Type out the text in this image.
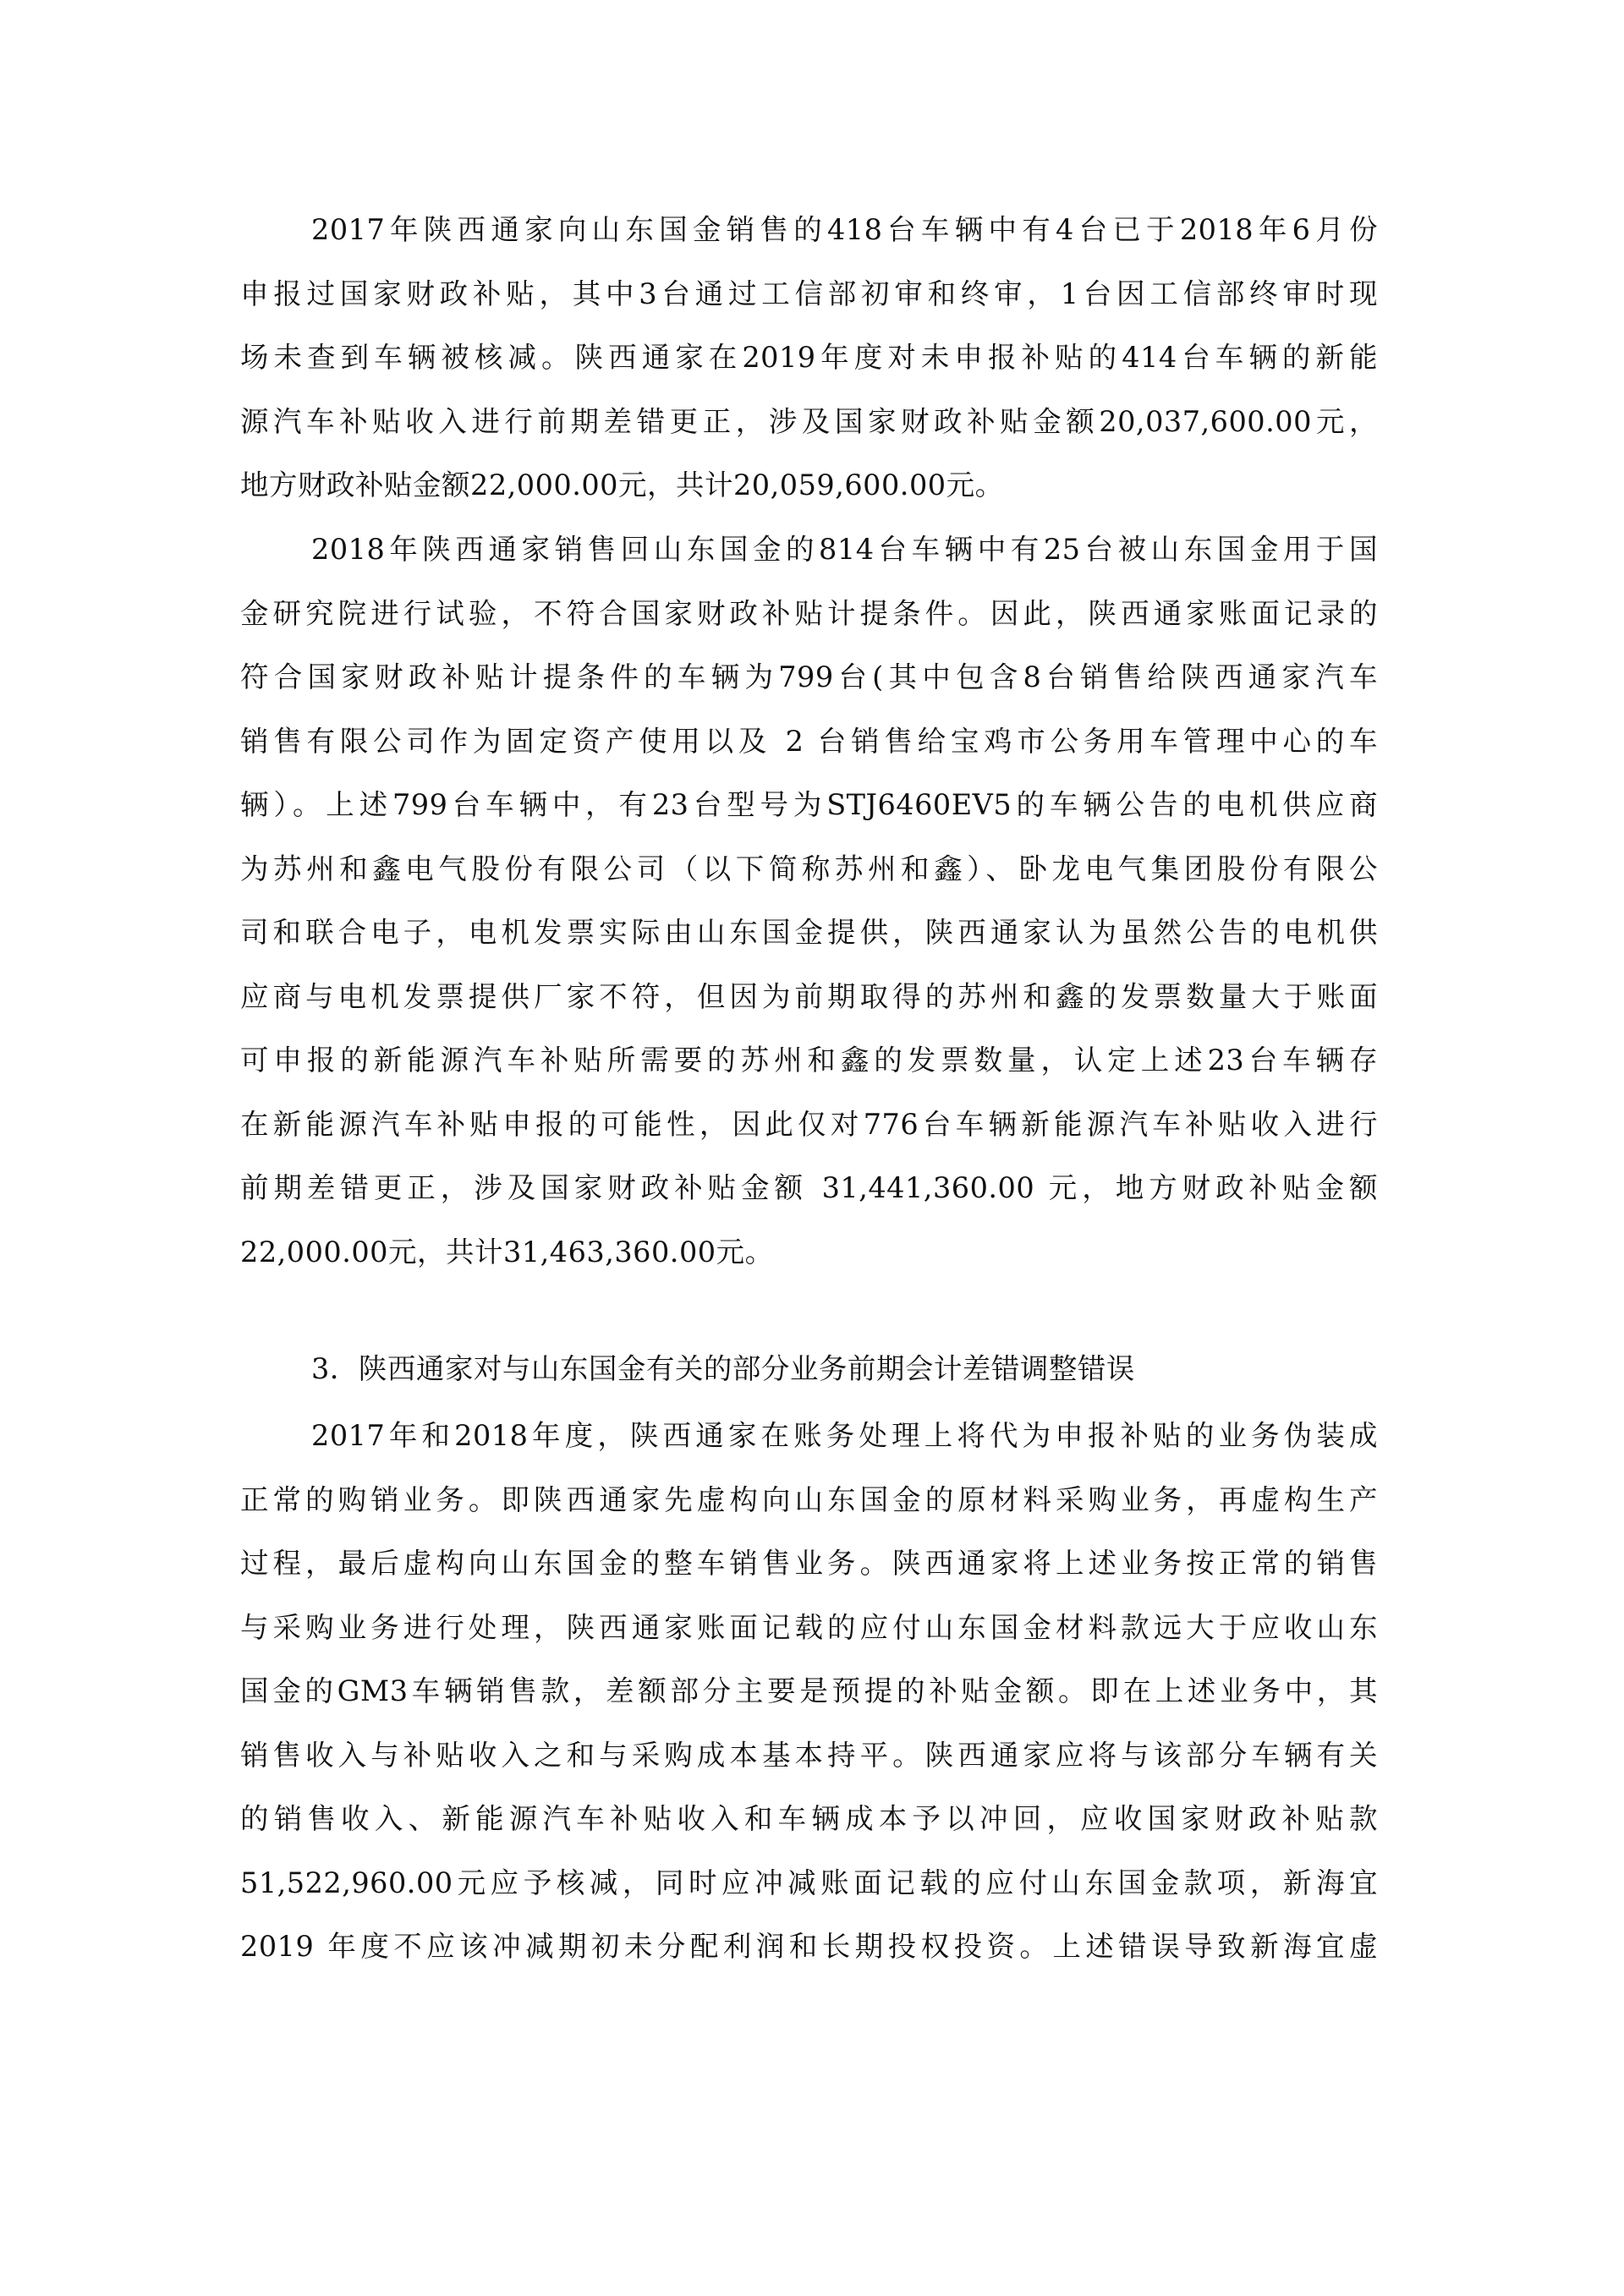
2017年陕西通家向山东国金销售的418台车辆中有4台已于2018年6月份
申报过国家财政补贴，其中3台通过工信部初审和终审，1台因工信部终审时现
场未查到车辆被核减。陕西通家在2019年度对未申报补贴的414台车辆的新能
源汽车补贴收入进行前期差错更正，涉及国家财政补贴金额20,037,600.00元，
地方财政补贴金额22,000.00元，共计20,059,600.00元。
2018年陕西通家销售回山东国金的814台车辆中有25台被山东国金用于国
金研究院进行试验，不符合国家财政补贴计提条件。因此，陕西通家账面记录的
符合国家财政补贴计提条件的车辆为799台(其中包含8台销售给陕西通家汽车
销售有限公司作为固定资产使用以及 2 台销售给宝鸡市公务用车管理中心的车
辆）。上述799台车辆中，有23台型号为STJ6460EV5的车辆公告的电机供应商
为苏州和鑫电气股份有限公司（以下简称苏州和鑫）、卧龙电气集团股份有限公
司和联合电子，电机发票实际由山东国金提供，陕西通家认为虽然公告的电机供
应商与电机发票提供厂家不符，但因为前期取得的苏州和鑫的发票数量大于账面
可申报的新能源汽车补贴所需要的苏州和鑫的发票数量，认定上述23台车辆存
在新能源汽车补贴申报的可能性，因此仅对776台车辆新能源汽车补贴收入进行
前期差错更正，涉及国家财政补贴金额 31,441,360.00 元，地方财政补贴金额
22,000.00元，共计31,463,360.00元。
3．陕西通家对与山东国金有关的部分业务前期会计差错调整错误
2017年和2018年度，陕西通家在账务处理上将代为申报补贴的业务伪装成
正常的购销业务。即陕西通家先虚构向山东国金的原材料采购业务，再虚构生产
过程，最后虚构向山东国金的整车销售业务。陕西通家将上述业务按正常的销售
与采购业务进行处理，陕西通家账面记载的应付山东国金材料款远大于应收山东
国金的GM3车辆销售款，差额部分主要是预提的补贴金额。即在上述业务中，其
销售收入与补贴收入之和与采购成本基本持平。陕西通家应将与该部分车辆有关
的销售收入、新能源汽车补贴收入和车辆成本予以冲回，应收国家财政补贴款
51,522,960.00元应予核减，同时应冲减账面记载的应付山东国金款项，新海宜
2019 年度不应该冲减期初未分配利润和长期投权投资。上述错误导致新海宜虚
